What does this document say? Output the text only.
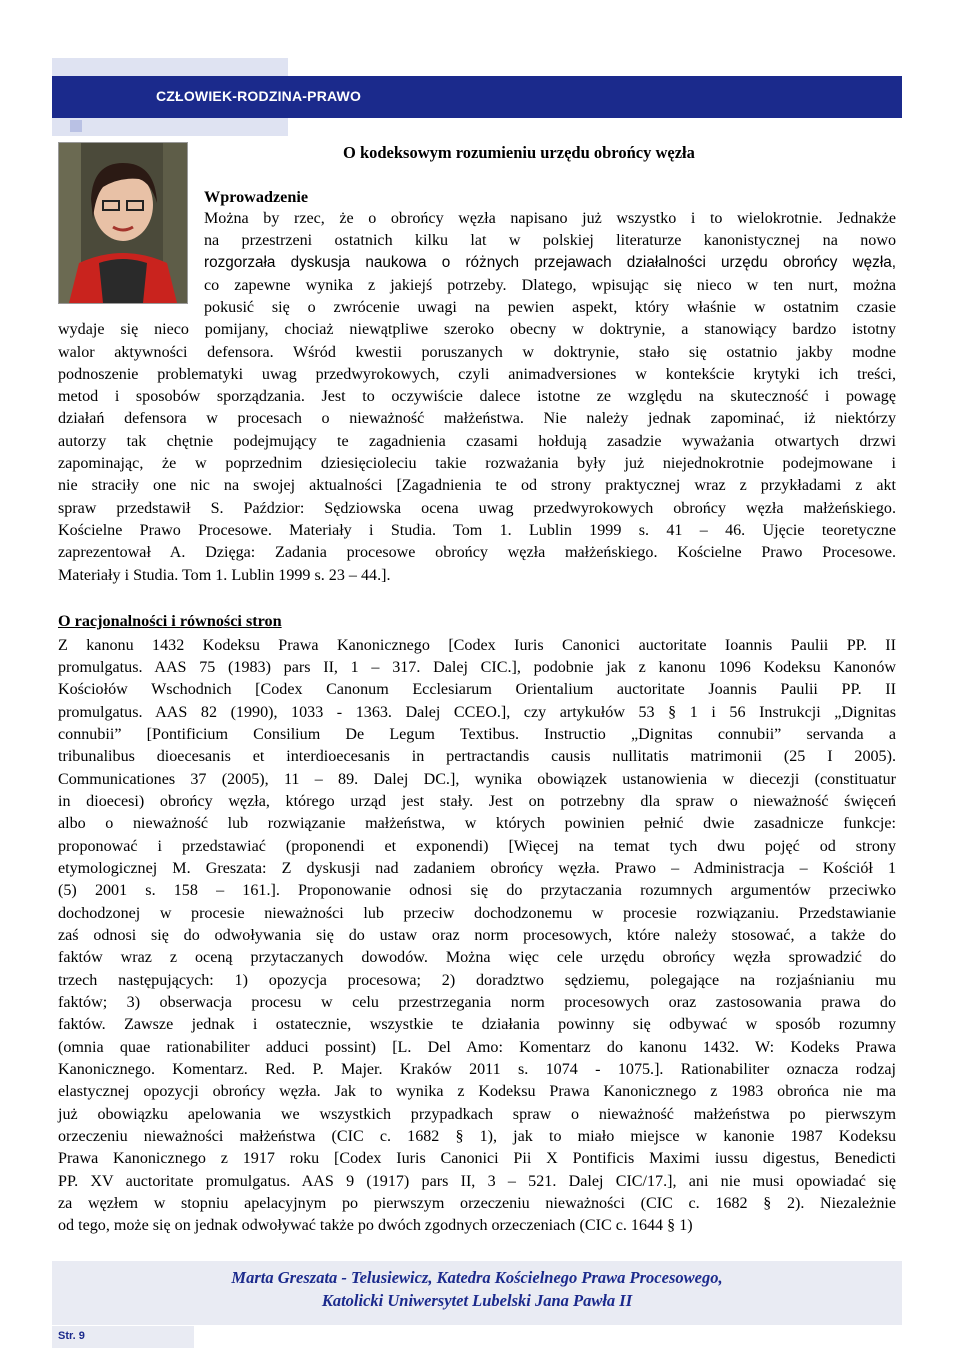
CZŁOWIEK-RODZINA-PRAWO
O kodeksowym rozumieniu urzędu obrońcy węzła
Wprowadzenie
Można by rzec, że o obrońcy węzła napisano już wszystko i to wielokrotnie. Jednakże
na przestrzeni ostatnich kilku lat w polskiej literaturze kanonistycznej na nowo
rozgorzała dyskusja naukowa o różnych przejawach działalności urzędu obrońcy węzła,
co zapewne wynika z jakiejś potrzeby. Dlatego, wpisując się nieco w ten nurt, można
pokusić się o zwrócenie uwagi na pewien aspekt, który właśnie w ostatnim czasie
wydaje się nieco pomijany, chociaż niewątpliwe szeroko obecny w doktrynie, a stanowiący bardzo istotny
walor aktywności defensora. Wśród kwestii poruszanych w doktrynie, stało się ostatnio jakby modne
podnoszenie problematyki uwag przedwyrokowych, czyli animadversiones w kontekście krytyki ich treści,
metod i sposobów sporządzania. Jest to oczywiście dalece istotne ze względu na skuteczność i powagę
działań defensora w procesach o nieważność małżeństwa. Nie należy jednak zapominać, iż niektórzy
autorzy tak chętnie podejmujący te zagadnienia czasami hołdują zasadzie wyważania otwartych drzwi
zapominając, że w poprzednim dziesięcioleciu takie rozważania były już niejednokrotnie podejmowane i
nie straciły one nic na swojej aktualności [Zagadnienia te od strony praktycznej wraz z przykładami z akt
spraw przedstawił S. Paździor: Sędziowska ocena uwag przedwyrokowych obrońcy węzła małżeńskiego.
Kościelne Prawo Procesowe. Materiały i Studia. Tom 1. Lublin 1999 s. 41 – 46. Ujęcie teoretyczne
zaprezentował A. Dzięga: Zadania procesowe obrońcy węzła małżeńskiego. Kościelne Prawo Procesowe.
Materiały i Studia. Tom 1. Lublin 1999 s. 23 – 44.].
O racjonalności i równości stron
Z kanonu 1432 Kodeksu Prawa Kanonicznego [Codex Iuris Canonici auctoritate Ioannis Paulii PP. II
promulgatus. AAS 75 (1983) pars II, 1 – 317. Dalej CIC.], podobnie jak z kanonu 1096 Kodeksu Kanonów
Kościołów Wschodnich [Codex Canonum Ecclesiarum Orientalium auctoritate Joannis Paulii PP. II
promulgatus. AAS 82 (1990), 1033 - 1363. Dalej CCEO.], czy artykułów 53 § 1 i 56 Instrukcji „Dignitas
connubii” [Pontificium Consilium De Legum Textibus. Instructio „Dignitas connubii” servanda a
tribunalibus dioecesanis et interdioecesanis in pertractandis causis nullitatis matrimonii (25 I 2005).
Communicationes 37 (2005), 11 – 89. Dalej DC.], wynika obowiązek ustanowienia w diecezji (constituatur
in dioecesi) obrońcy węzła, którego urząd jest stały. Jest on potrzebny dla spraw o nieważność święceń
albo o nieważność lub rozwiązanie małżeństwa, w których powinien pełnić dwie zasadnicze funkcje:
proponować i przedstawiać (proponendi et exponendi) [Więcej na temat tych dwu pojęć od strony
etymologicznej M. Greszata: Z dyskusji nad zadaniem obrońcy węzła. Prawo – Administracja – Kościół 1
(5) 2001 s. 158 – 161.]. Proponowanie odnosi się do przytaczania rozumnych argumentów przeciwko
dochodzonej w procesie nieważności lub przeciw dochodzonemu w procesie rozwiązaniu. Przedstawianie
zaś odnosi się do odwoływania się do ustaw oraz norm procesowych, które należy stosować, a także do
faktów wraz z oceną przytaczanych dowodów. Można więc cele urzędu obrońcy węzła sprowadzić do
trzech następujących: 1) opozycja procesowa; 2) doradztwo sędziemu, polegające na rozjaśnianiu mu
faktów; 3) obserwacja procesu w celu przestrzegania norm procesowych oraz zastosowania prawa do
faktów. Zawsze jednak i ostatecznie, wszystkie te działania powinny się odbywać w sposób rozumny
(omnia quae rationabiliter adduci possint) [L. Del Amo: Komentarz do kanonu 1432. W: Kodeks Prawa
Kanonicznego. Komentarz. Red. P. Majer. Kraków 2011 s. 1074 - 1075.]. Rationabiliter oznacza rodzaj
elastycznej opozycji obrońcy węzła. Jak to wynika z Kodeksu Prawa Kanonicznego z 1983 obrońca nie ma
już obowiązku apelowania we wszystkich przypadkach spraw o nieważność małżeństwa po pierwszym
orzeczeniu nieważności małżeństwa (CIC c. 1682 § 1), jak to miało miejsce w kanonie 1987 Kodeksu
Prawa Kanonicznego z 1917 roku [Codex Iuris Canonici Pii X Pontificis Maximi iussu digestus, Benedicti
PP. XV auctoritate promulgatus. AAS 9 (1917) pars II, 3 – 521. Dalej CIC/17.], ani nie musi opowiadać się
za węzłem w stopniu apelacyjnym po pierwszym orzeczeniu nieważności (CIC c. 1682 § 2). Niezależnie
od tego, może się on jednak odwoływać także po dwóch zgodnych orzeczeniach (CIC c. 1644 § 1)
Marta Greszata - Telusiewicz, Katedra Kościelnego Prawa Procesowego,
Katolicki Uniwersytet Lubelski Jana Pawła II
Str. 9
